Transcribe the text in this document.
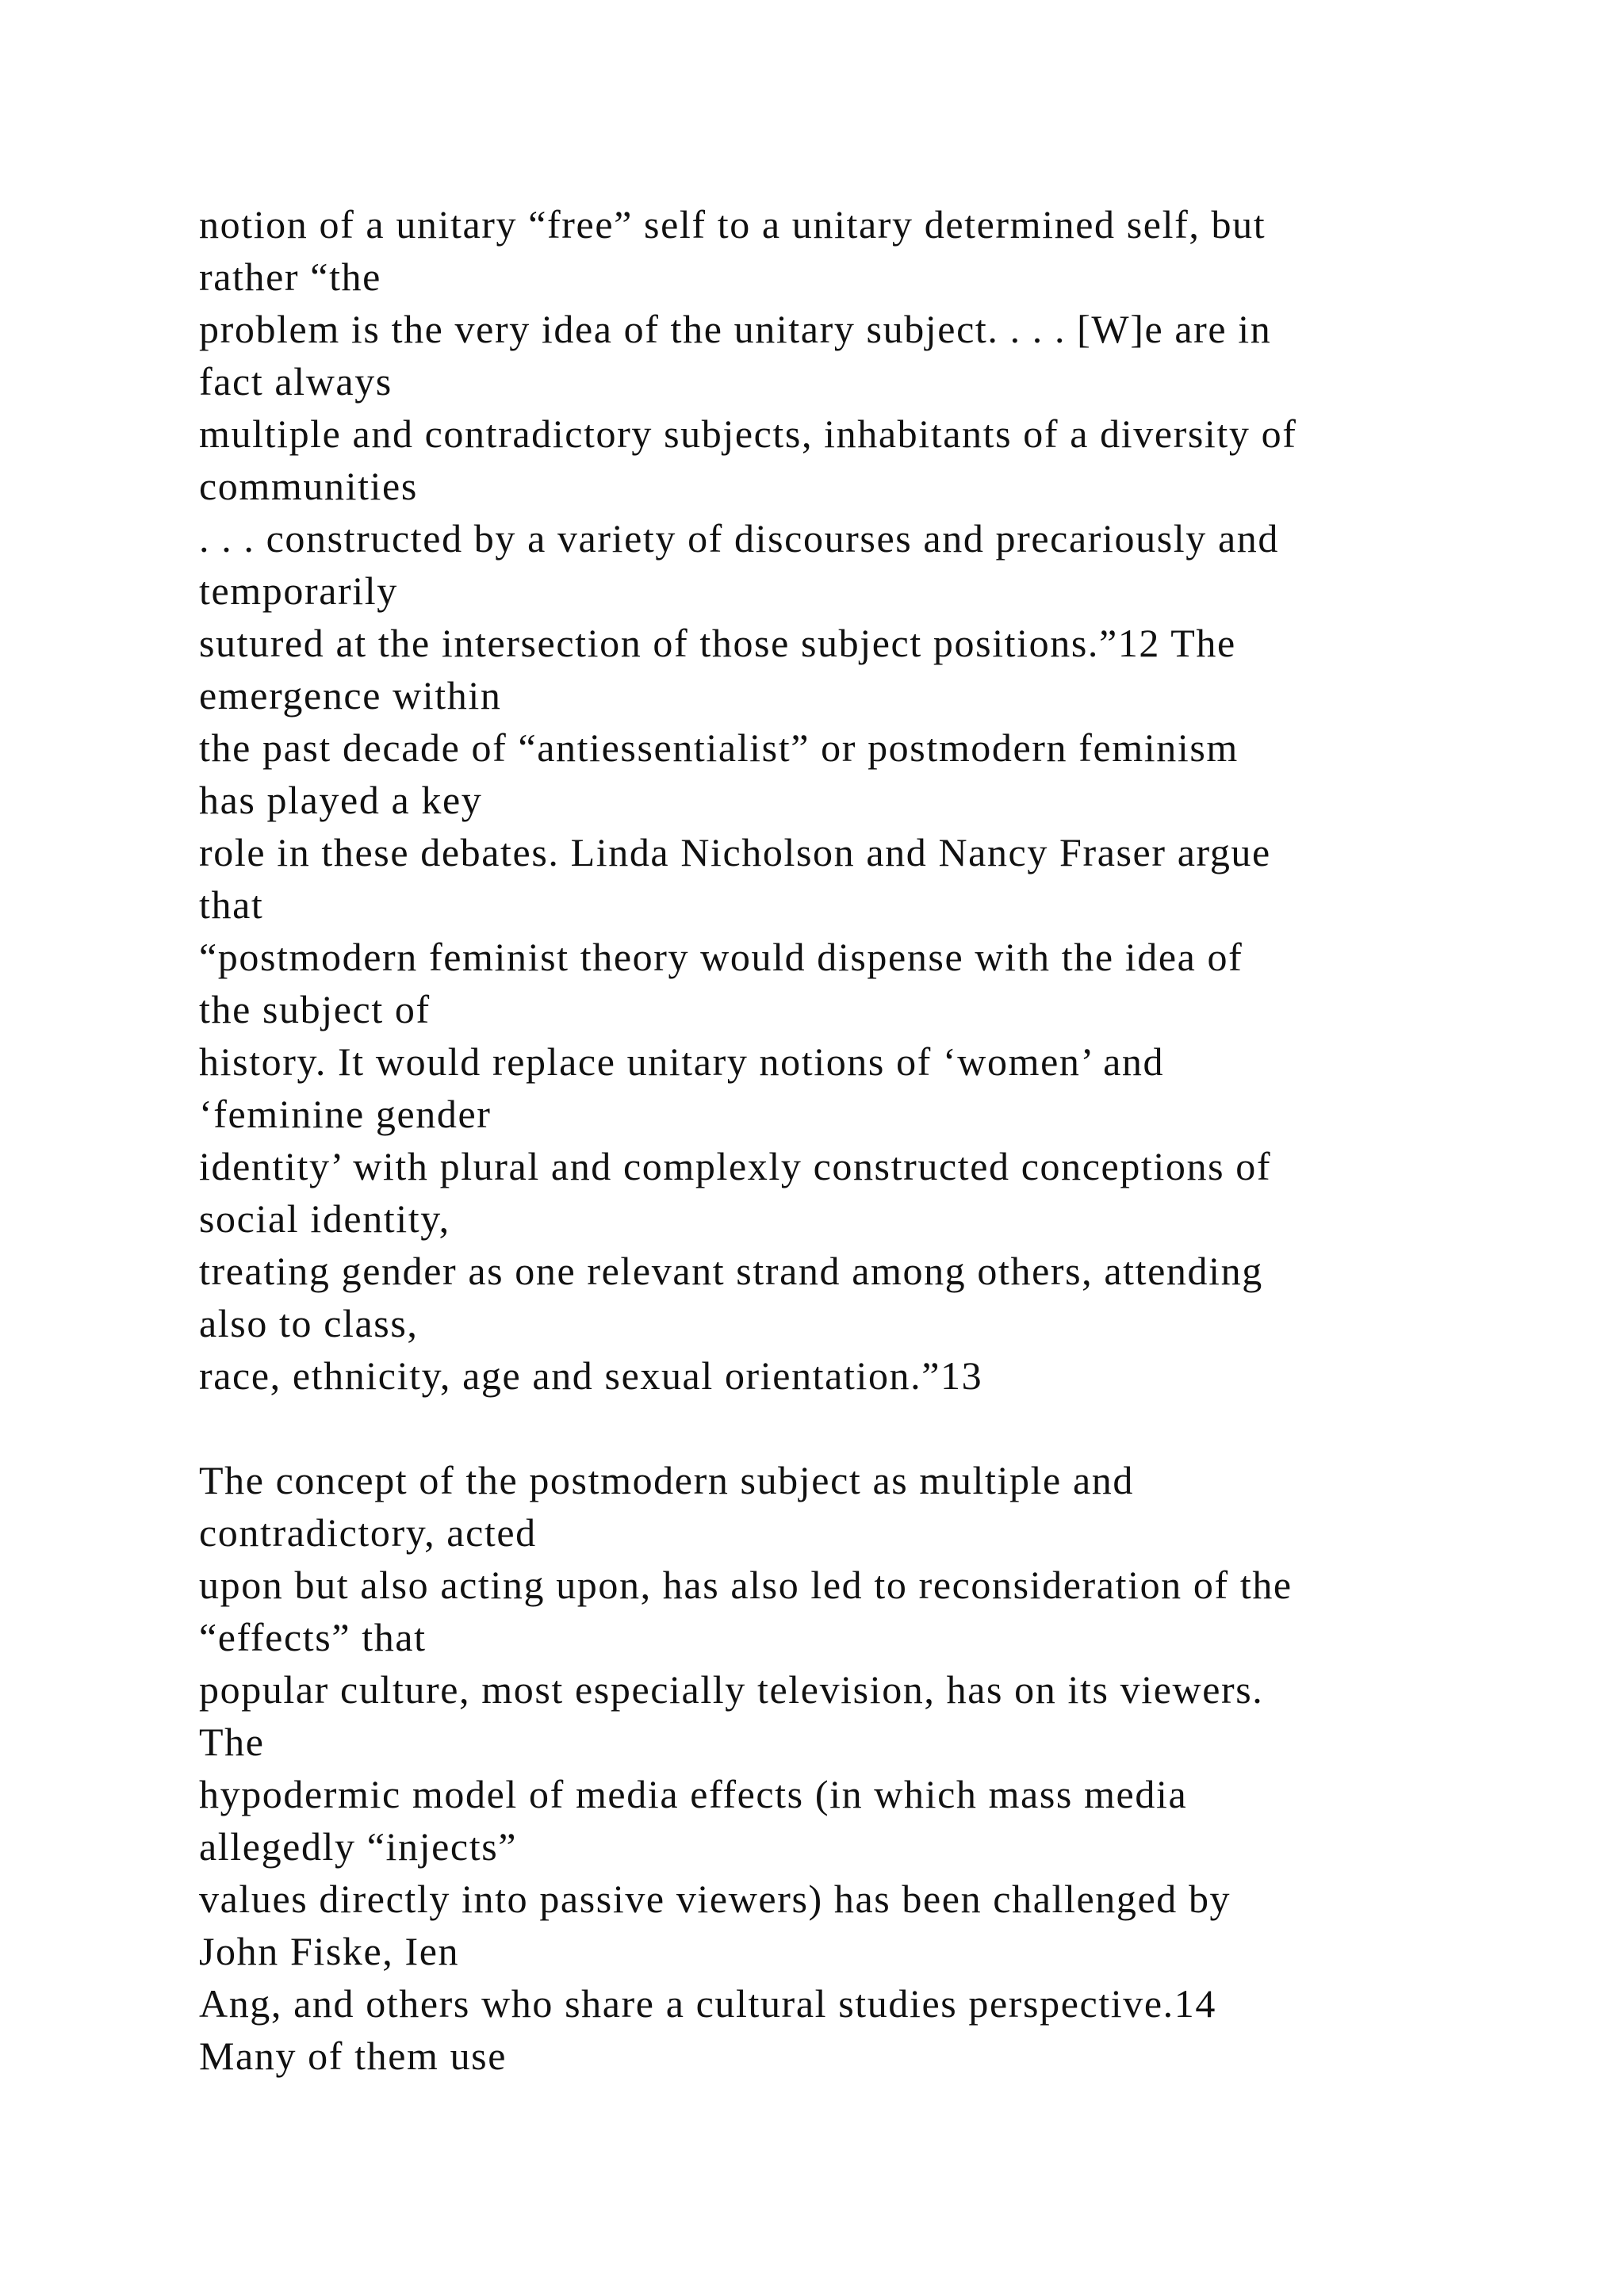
notion of a unitary “free” self to a unitary determined self, but
rather “the
problem is the very idea of the unitary subject. . . . [W]e are in
fact always
multiple and contradictory subjects, inhabitants of a diversity of
communities
. . . constructed by a variety of discourses and precariously and
temporarily
sutured at the intersection of those subject positions.”12 The
emergence within
the past decade of “antiessentialist” or postmodern feminism
has played a key
role in these debates. Linda Nicholson and Nancy Fraser argue
that
“postmodern feminist theory would dispense with the idea of
the subject of
history. It would replace unitary notions of ‘women’ and
‘feminine gender
identity’ with plural and complexly constructed conceptions of
social identity,
treating gender as one relevant strand among others, attending
also to class,
race, ethnicity, age and sexual orientation.”13
The concept of the postmodern subject as multiple and
contradictory, acted
upon but also acting upon, has also led to reconsideration of the
“effects” that
popular culture, most especially television, has on its viewers.
The
hypodermic model of media effects (in which mass media
allegedly “injects”
values directly into passive viewers) has been challenged by
John Fiske, Ien
Ang, and others who share a cultural studies perspective.14
Many of them use
